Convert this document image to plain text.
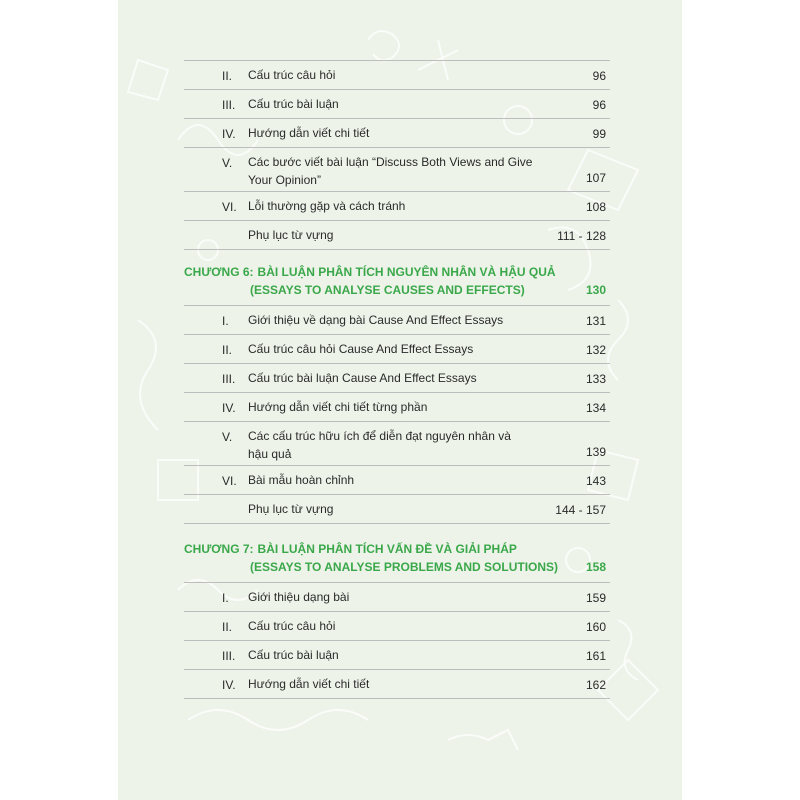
II. Cấu trúc câu hỏi	96
III. Cấu trúc bài luận	96
IV. Hướng dẫn viết chi tiết	99
V. Các bước viết bài luận “Discuss Both Views and Give
Your Opinion”	107
VI. Lỗi thường gặp và cách tránh	108
Phụ lục từ vựng	111 - 128
CHƯƠNG 6: BÀI LUẬN PHÂN TÍCH NGUYÊN NHÂN VÀ HẬU QUẢ
(ESSAYS TO ANALYSE CAUSES AND EFFECTS)	130
I. Giới thiệu về dạng bài Cause And Effect Essays	131
II. Cấu trúc câu hỏi Cause And Effect Essays	132
III. Cấu trúc bài luận Cause And Effect Essays	133
IV. Hướng dẫn viết chi tiết từng phần	134
V. Các cấu trúc hữu ích để diễn đạt nguyên nhân và
hậu quả	139
VI. Bài mẫu hoàn chỉnh	143
Phụ lục từ vựng	144 - 157
CHƯƠNG 7: BÀI LUẬN PHÂN TÍCH VẤN ĐỀ VÀ GIẢI PHÁP
(ESSAYS TO ANALYSE PROBLEMS AND SOLUTIONS) 158
I. Giới thiệu dạng bài	159
II. Cấu trúc câu hỏi	160
III. Cấu trúc bài luận	161
IV. Hướng dẫn viết chi tiết	162
